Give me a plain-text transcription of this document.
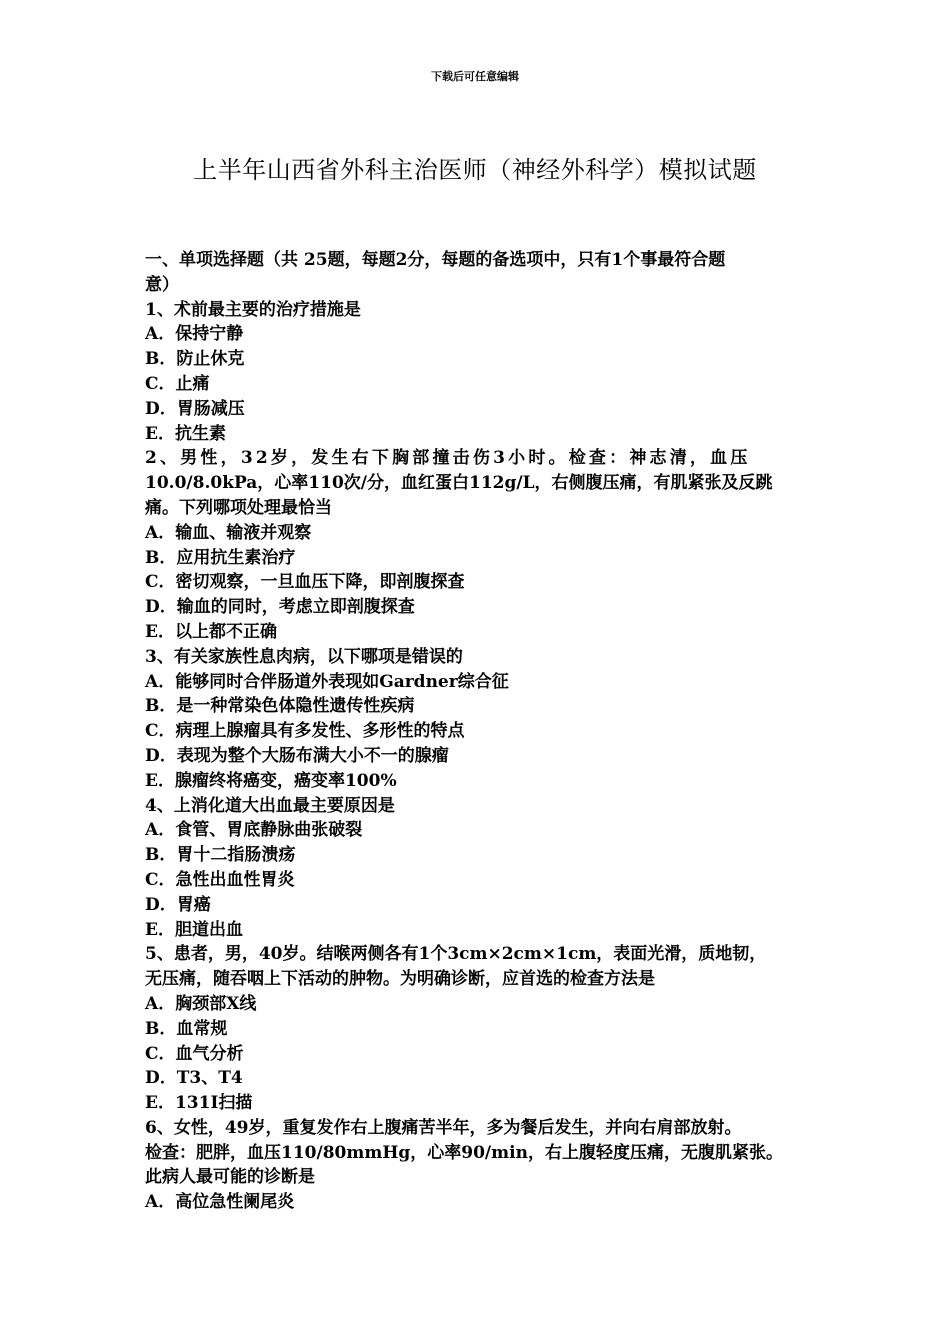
下载后可任意编辑
上半年山西省外科主治医师（神经外科学）模拟试题

一、单项选择题（共 25题，每题2分，每题的备选项中，只有1个事最符合题

意）

1、术前最主要的治疗措施是

A．保持宁静

B．防止休克

C．止痛

D．胃肠减压

E．抗生素

2、男性，32岁，发生右下胸部撞击伤3小时。检查：神志清，血压

10.0/8.0kPa，心率110次/分，血红蛋白112g/L，右侧腹压痛，有肌紧张及反跳

痛。下列哪项处理最恰当

A．输血、输液并观察

B．应用抗生素治疗

C．密切观察，一旦血压下降，即剖腹探查

D．输血的同时，考虑立即剖腹探查

E．以上都不正确

3、有关家族性息肉病，以下哪项是错误的

A．能够同时合伴肠道外表现如Gardner综合征

B．是一种常染色体隐性遗传性疾病

C．病理上腺瘤具有多发性、多形性的特点

D．表现为整个大肠布满大小不一的腺瘤

E．腺瘤终将癌变，癌变率100%

4、上消化道大出血最主要原因是

A．食管、胃底静脉曲张破裂

B．胃十二指肠溃疡

C．急性出血性胃炎

D．胃癌

E．胆道出血

5、患者，男，40岁。结喉两侧各有1个3cm×2cm×1cm，表面光滑，质地韧，

无压痛，随吞咽上下活动的肿物。为明确诊断，应首选的检查方法是

A．胸颈部X线

B．血常规

C．血气分析

D．T3、T4

E．131I扫描

6、女性，49岁，重复发作右上腹痛苦半年，多为餐后发生，并向右肩部放射。

检查：肥胖，血压110/80mmHg，心率90/min，右上腹轻度压痛，无腹肌紧张。

此病人最可能的诊断是

A．高位急性阑尾炎
